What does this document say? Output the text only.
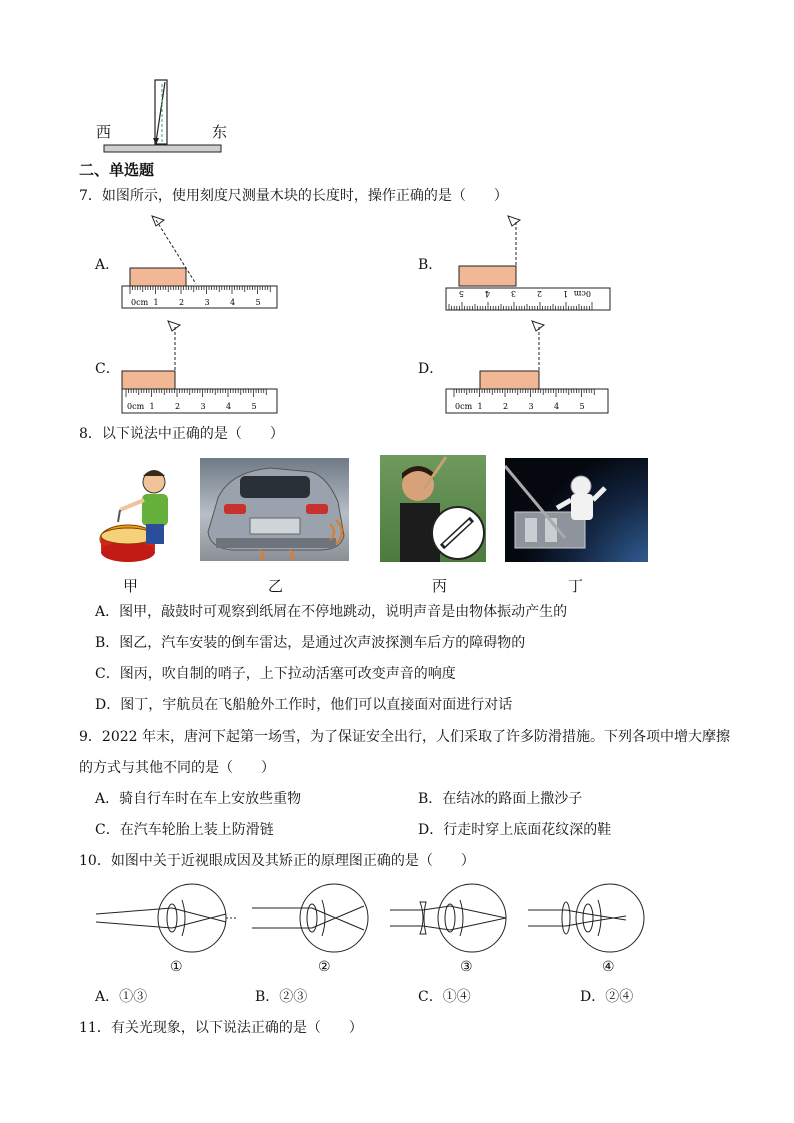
西	东
二、单选题
7．如图所示，使用刻度尺测量木块的长度时，操作正确的是（　　）
A．
0cm 1	2	3	4	5
B．
0cm
1
2
3
4
5
C．
0cm 1	2	3	4	5
D．
0cm 1	2	3	4	5
8．以下说法中正确的是（　　）
甲	乙	丙	丁
A．图甲，敲鼓时可观察到纸屑在不停地跳动，说明声音是由物体振动产生的
B．图乙，汽车安装的倒车雷达，是通过次声波探测车后方的障碍物的
C．图丙，吹自制的哨子，上下拉动活塞可改变声音的响度
D．图丁，宇航员在飞船舱外工作时，他们可以直接面对面进行对话
9．2022 年末，唐河下起第一场雪，为了保证安全出行，人们采取了许多防滑措施。下列各项中增大摩擦
的方式与其他不同的是（　　）
A．骑自行车时在车上安放些重物	B．在结冰的路面上撒沙子
C．在汽车轮胎上装上防滑链	D．行走时穿上底面花纹深的鞋
10．如图中关于近视眼成因及其矫正的原理图正确的是（　　）
①	②	③	④
A．①③	B．②③	C．①④	D．②④
11．有关光现象，以下说法正确的是（　　）
